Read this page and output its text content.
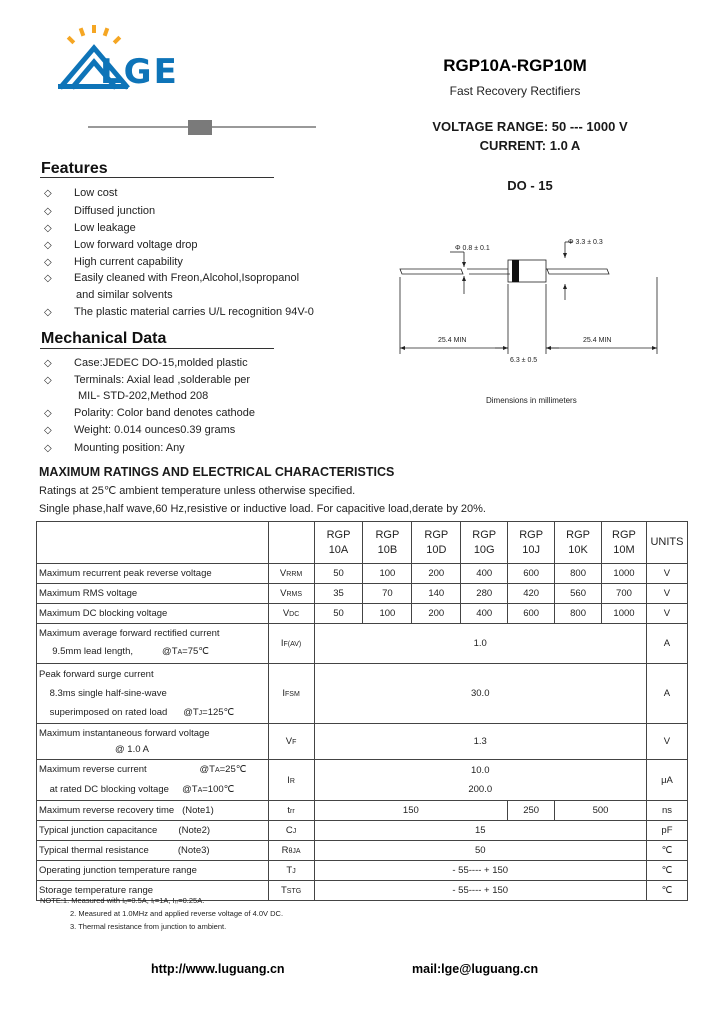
LGE	RGP10A-RGP10M
Fast Recovery Rectifiers
VOLTAGE RANGE: 50 --- 1000 V
CURRENT: 1.0 A
DO - 15
Features
◇ Low cost
◇ Diffused junction
◇ Low leakage
◇ Low forward voltage drop
◇ High current capability
◇ Easily cleaned with Freon,Alcohol,Isopropanol
and similar solvents
◇ The plastic material carries U/L recognition 94V-0
Mechanical Data
◇ Case:JEDEC DO-15,molded plastic
◇ Terminals: Axial lead ,solderable per
MIL- STD-202,Method 208
◇ Polarity: Color band denotes cathode
◇ Weight: 0.014 ounces0.39 grams
◇ Mounting position: Any
Φ 0.8 ± 0.1
Φ 3.3 ± 0.3
25.4 MIN	25.4 MIN
6.3 ± 0.5
Dimensions in millimeters
MAXIMUM RATINGS AND ELECTRICAL CHARACTERISTICS
Ratings at 25℃ ambient temperature unless otherwise specified.
Single phase,half wave,60 Hz,resistive or inductive load. For capacitive load,derate by 20%.
		RGP
10A	RGP
10B	RGP
10D	RGP
10G	RGP
10J	RGP
10K	RGP
10M	UNITS
Maximum recurrent peak reverse voltage	VRRM	50	100	200	400	600	800	1000	V
Maximum RMS voltage	VRMS	35	70	140	280	420	560	700	V
Maximum DC blocking voltage	VDC	50	100	200	400	600	800	1000	V
Maximum average forward rectified current
9.5mm lead length, @TA=75℃	IF(AV)	1.0							A
Peak forward surge current
8.3ms single half-sine-wave
superimposed on rated load @TJ=125℃	IFSM	30.0							A
Maximum instantaneous forward voltage
@ 1.0 A	VF	1.3							V
Maximum reverse current @TA=25℃
at rated DC blocking voltage @TA=100℃	IR	10.0
200.0							μA
Maximum reverse recovery time (Note1)	trr	150				250	500		ns
Typical junction capacitance (Note2)	CJ	15							pF
Typical thermal resistance (Note3)	RθJA	50							℃
Operating junction temperature range	TJ	- 55---- + 150							℃
Storage temperature range	TSTG	- 55---- + 150							℃
NOTE:1. Measured with Iₑ=0.5A, Iᵣ=1A, Iᵣᵣ=0.25A.
2. Measured at 1.0MHz and applied reverse voltage of 4.0V DC.
3. Thermal resistance from junction to ambient.
http://www.luguang.cn	mail:lge@luguang.cn
